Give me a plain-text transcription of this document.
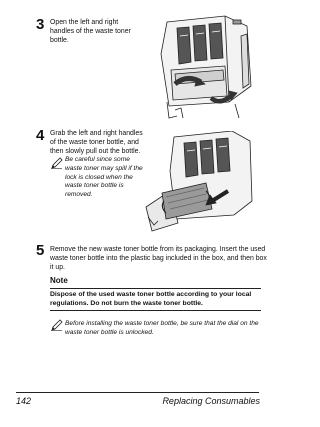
3 Open the left and right handles of the waste toner bottle.
4 Grab the left and right handles of the waste toner bottle, and then slowly pull out the bottle.
Be careful since some waste toner may spill if the lock is closed when the waste toner bottle is removed.
5 Remove the new waste toner bottle from its packaging. Insert the used waste toner bottle into the plastic bag included in the box, and then box it up.
Note
Dispose of the used waste toner bottle according to your local regulations. Do not burn the waste toner bottle.
Before installing the waste toner bottle, be sure that the dial on the waste toner bottle is unlocked.
142	Replacing Consumables
